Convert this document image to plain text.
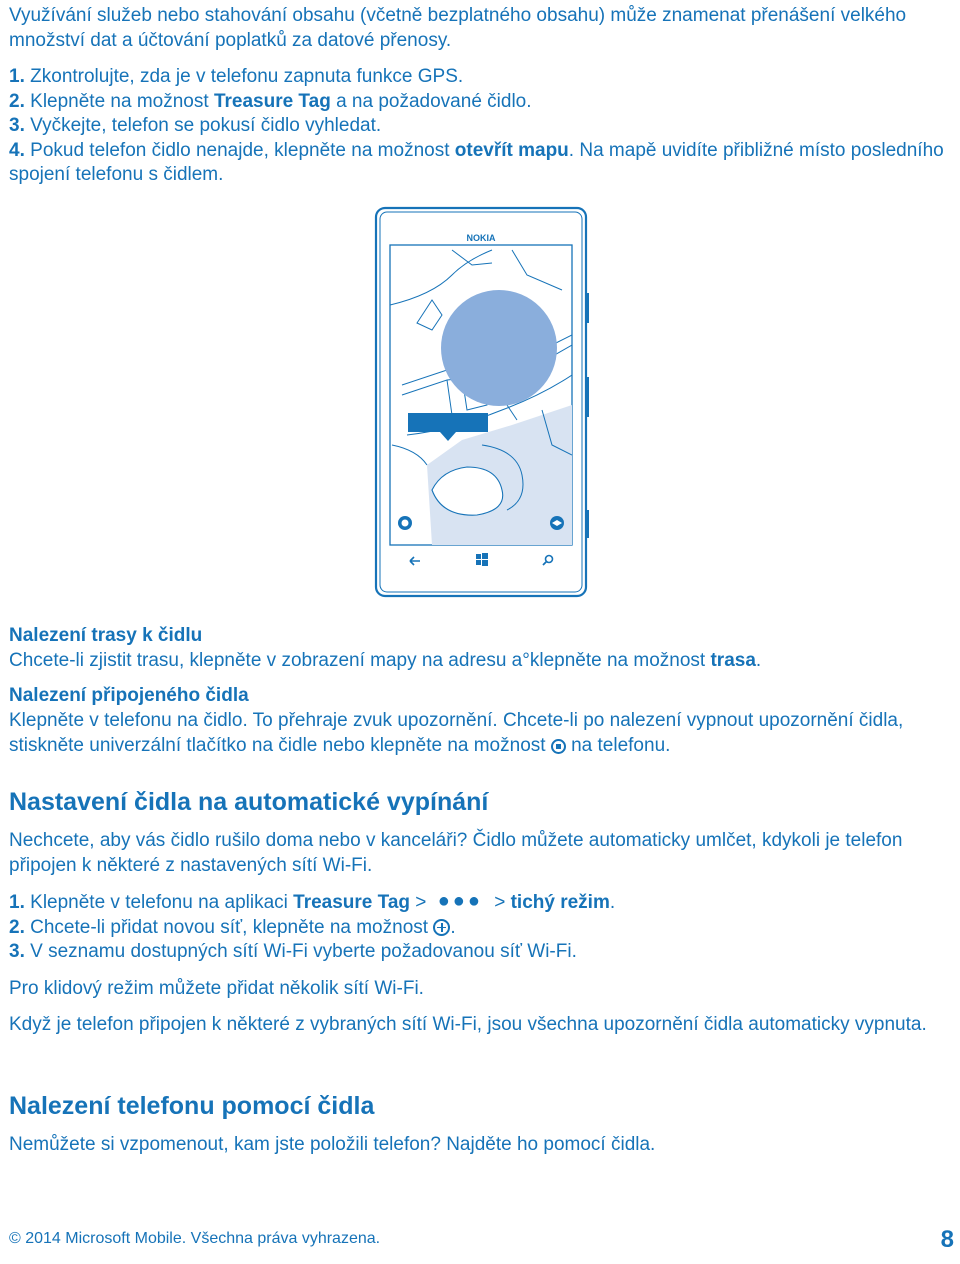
Využívání služeb nebo stahování obsahu (včetně bezplatného obsahu) může znamenat přenášení velkého množství dat a účtování poplatků za datové přenosy.

1. Zkontrolujte, zda je v telefonu zapnuta funkce GPS.

2. Klepněte na možnost Treasure Tag a na požadované čidlo.

3. Vyčkejte, telefon se pokusí čidlo vyhledat.

4. Pokud telefon čidlo nenajde, klepněte na možnost otevřít mapu. Na mapě uvidíte přibližné místo posledního spojení telefonu s čidlem.

NOKIA

Nalezení trasy k čidlu

Chcete-li zjistit trasu, klepněte v zobrazení mapy na adresu a°klepněte na možnost trasa.

Nalezení připojeného čidla

Klepněte v telefonu na čidlo. To přehraje zvuk upozornění. Chcete-li po nalezení vypnout upozornění čidla, stiskněte univerzální tlačítko na čidle nebo klepněte na možnost  na telefonu.

Nastavení čidla na automatické vypínání

Nechcete, aby vás čidlo rušilo doma nebo v kanceláři? Čidlo můžete automaticky umlčet, kdykoli je telefon připojen k některé z nastavených sítí Wi-Fi.

1. Klepněte v telefonu na aplikaci Treasure Tag > ●●● > tichý režim.

2. Chcete-li přidat novou síť, klepněte na možnost .

3. V seznamu dostupných sítí Wi-Fi vyberte požadovanou síť Wi-Fi.

Pro klidový režim můžete přidat několik sítí Wi-Fi.

Když je telefon připojen k některé z vybraných sítí Wi-Fi, jsou všechna upozornění čidla automaticky vypnuta.

Nalezení telefonu pomocí čidla

Nemůžete si vzpomenout, kam jste položili telefon? Najděte ho pomocí čidla.

© 2014 Microsoft Mobile. Všechna práva vyhrazena.	8
